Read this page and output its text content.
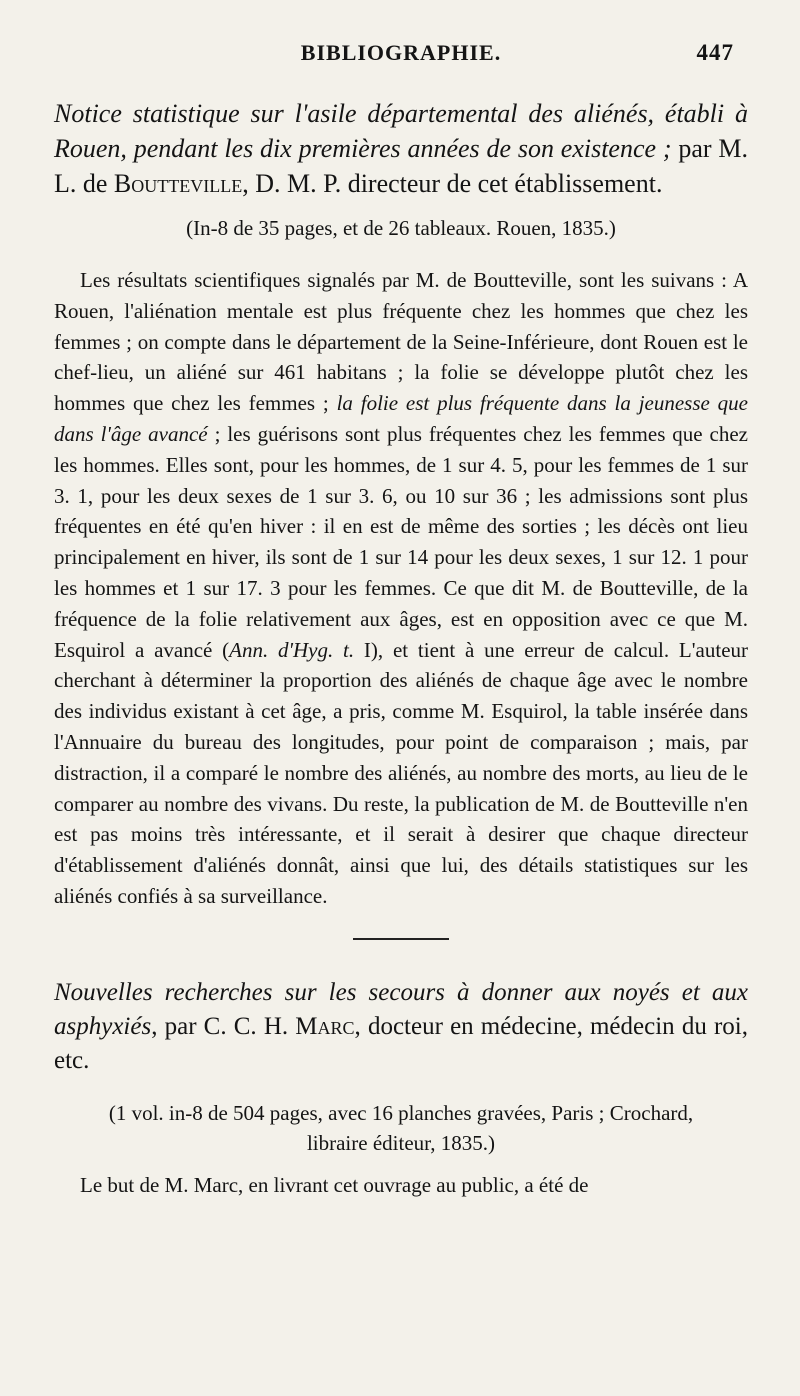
BIBLIOGRAPHIE.	447

Notice statistique sur l'asile départemental des aliénés, établi à Rouen, pendant les dix premières années de son existence ; par M. L. de Boutteville, D. M. P. directeur de cet établissement.

(In-8 de 35 pages, et de 26 tableaux. Rouen, 1835.)

Les résultats scientifiques signalés par M. de Boutteville, sont les suivans : A Rouen, l'aliénation mentale est plus fréquente chez les hommes que chez les femmes ; on compte dans le département de la Seine-Inférieure, dont Rouen est le chef-lieu, un aliéné sur 461 habitans ; la folie se développe plutôt chez les hommes que chez les femmes ; la folie est plus fréquente dans la jeunesse que dans l'âge avancé ; les guérisons sont plus fréquentes chez les femmes que chez les hommes. Elles sont, pour les hommes, de 1 sur 4. 5, pour les femmes de 1 sur 3. 1, pour les deux sexes de 1 sur 3. 6, ou 10 sur 36 ; les admissions sont plus fréquentes en été qu'en hiver : il en est de même des sorties ; les décès ont lieu principalement en hiver, ils sont de 1 sur 14 pour les deux sexes, 1 sur 12. 1 pour les hommes et 1 sur 17. 3 pour les femmes. Ce que dit M. de Boutteville, de la fréquence de la folie relativement aux âges, est en opposition avec ce que M. Esquirol a avancé (Ann. d'Hyg. t. I), et tient à une erreur de calcul. L'auteur cherchant à déterminer la proportion des aliénés de chaque âge avec le nombre des individus existant à cet âge, a pris, comme M. Esquirol, la table insérée dans l'Annuaire du bureau des longitudes, pour point de comparaison ; mais, par distraction, il a comparé le nombre des aliénés, au nombre des morts, au lieu de le comparer au nombre des vivans. Du reste, la publication de M. de Boutteville n'en est pas moins très intéressante, et il serait à desirer que chaque directeur d'établissement d'aliénés donnât, ainsi que lui, des détails statistiques sur les aliénés confiés à sa surveillance.

Nouvelles recherches sur les secours à donner aux noyés et aux asphyxiés, par C. C. H. Marc, docteur en médecine, médecin du roi, etc.

(1 vol. in-8 de 504 pages, avec 16 planches gravées, Paris ; Crochard,
libraire éditeur, 1835.)

Le but de M. Marc, en livrant cet ouvrage au public, a été de
